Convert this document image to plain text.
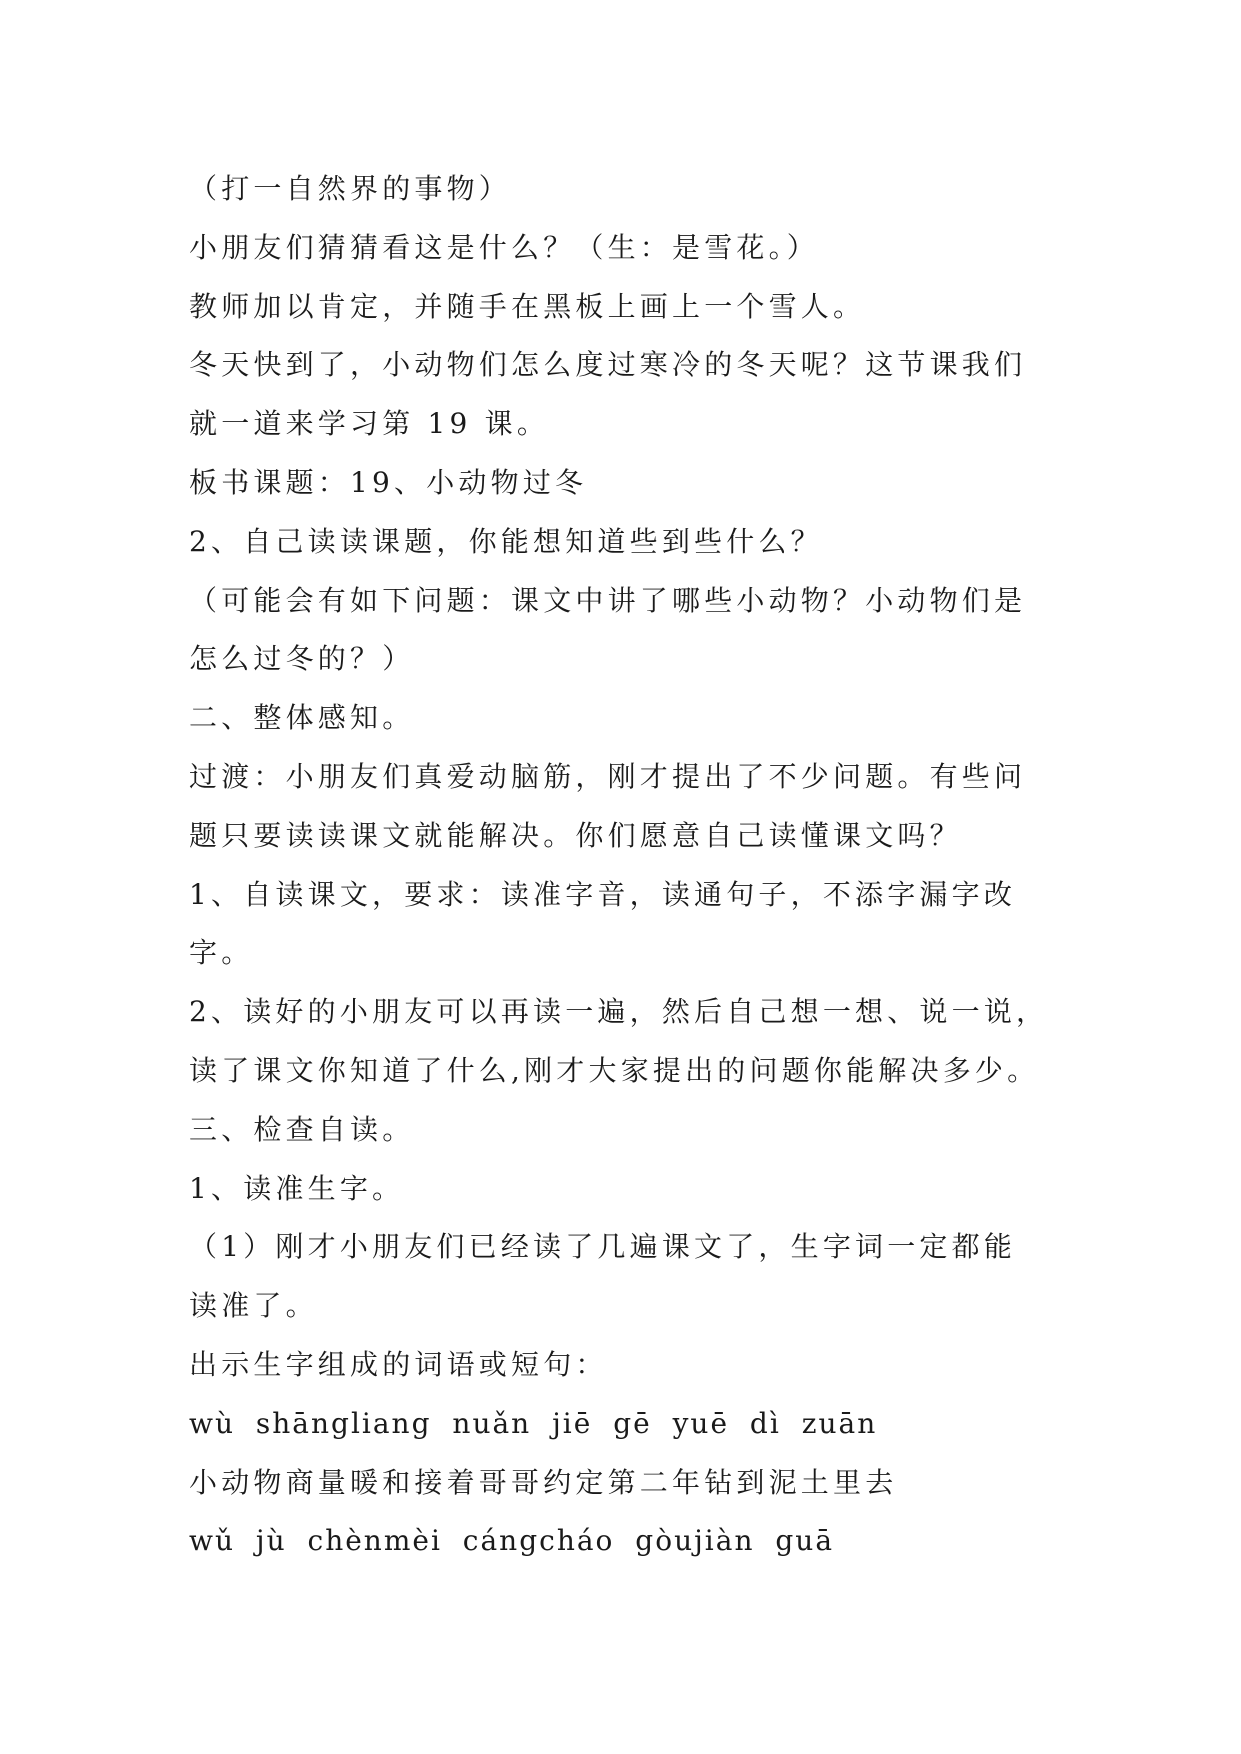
（打一自然界的事物）
小朋友们猜猜看这是什么？（生：是雪花。）
教师加以肯定，并随手在黑板上画上一个雪人。
冬天快到了，小动物们怎么度过寒冷的冬天呢？这节课我们
就一道来学习第 19 课。
板书课题：19、小动物过冬
2、自己读读课题，你能想知道些到些什么？
（可能会有如下问题：课文中讲了哪些小动物？小动物们是
怎么过冬的？）
二、整体感知。
过渡：小朋友们真爱动脑筋，刚才提出了不少问题。有些问
题只要读读课文就能解决。你们愿意自己读懂课文吗？
1、自读课文，要求：读准字音，读通句子，不添字漏字改
字。
2、读好的小朋友可以再读一遍，然后自己想一想、说一说，
读了课文你知道了什么,刚才大家提出的问题你能解决多少。
三、检查自读。
1、读准生字。
（1）刚才小朋友们已经读了几遍课文了，生字词一定都能
读准了。
出示生字组成的词语或短句：
wù shāngliang nuǎn jiē gē yuē dì zuān
小动物商量暖和接着哥哥约定第二年钻到泥土里去
wǔ jù chènmèi cángcháo gòujiàn guā
